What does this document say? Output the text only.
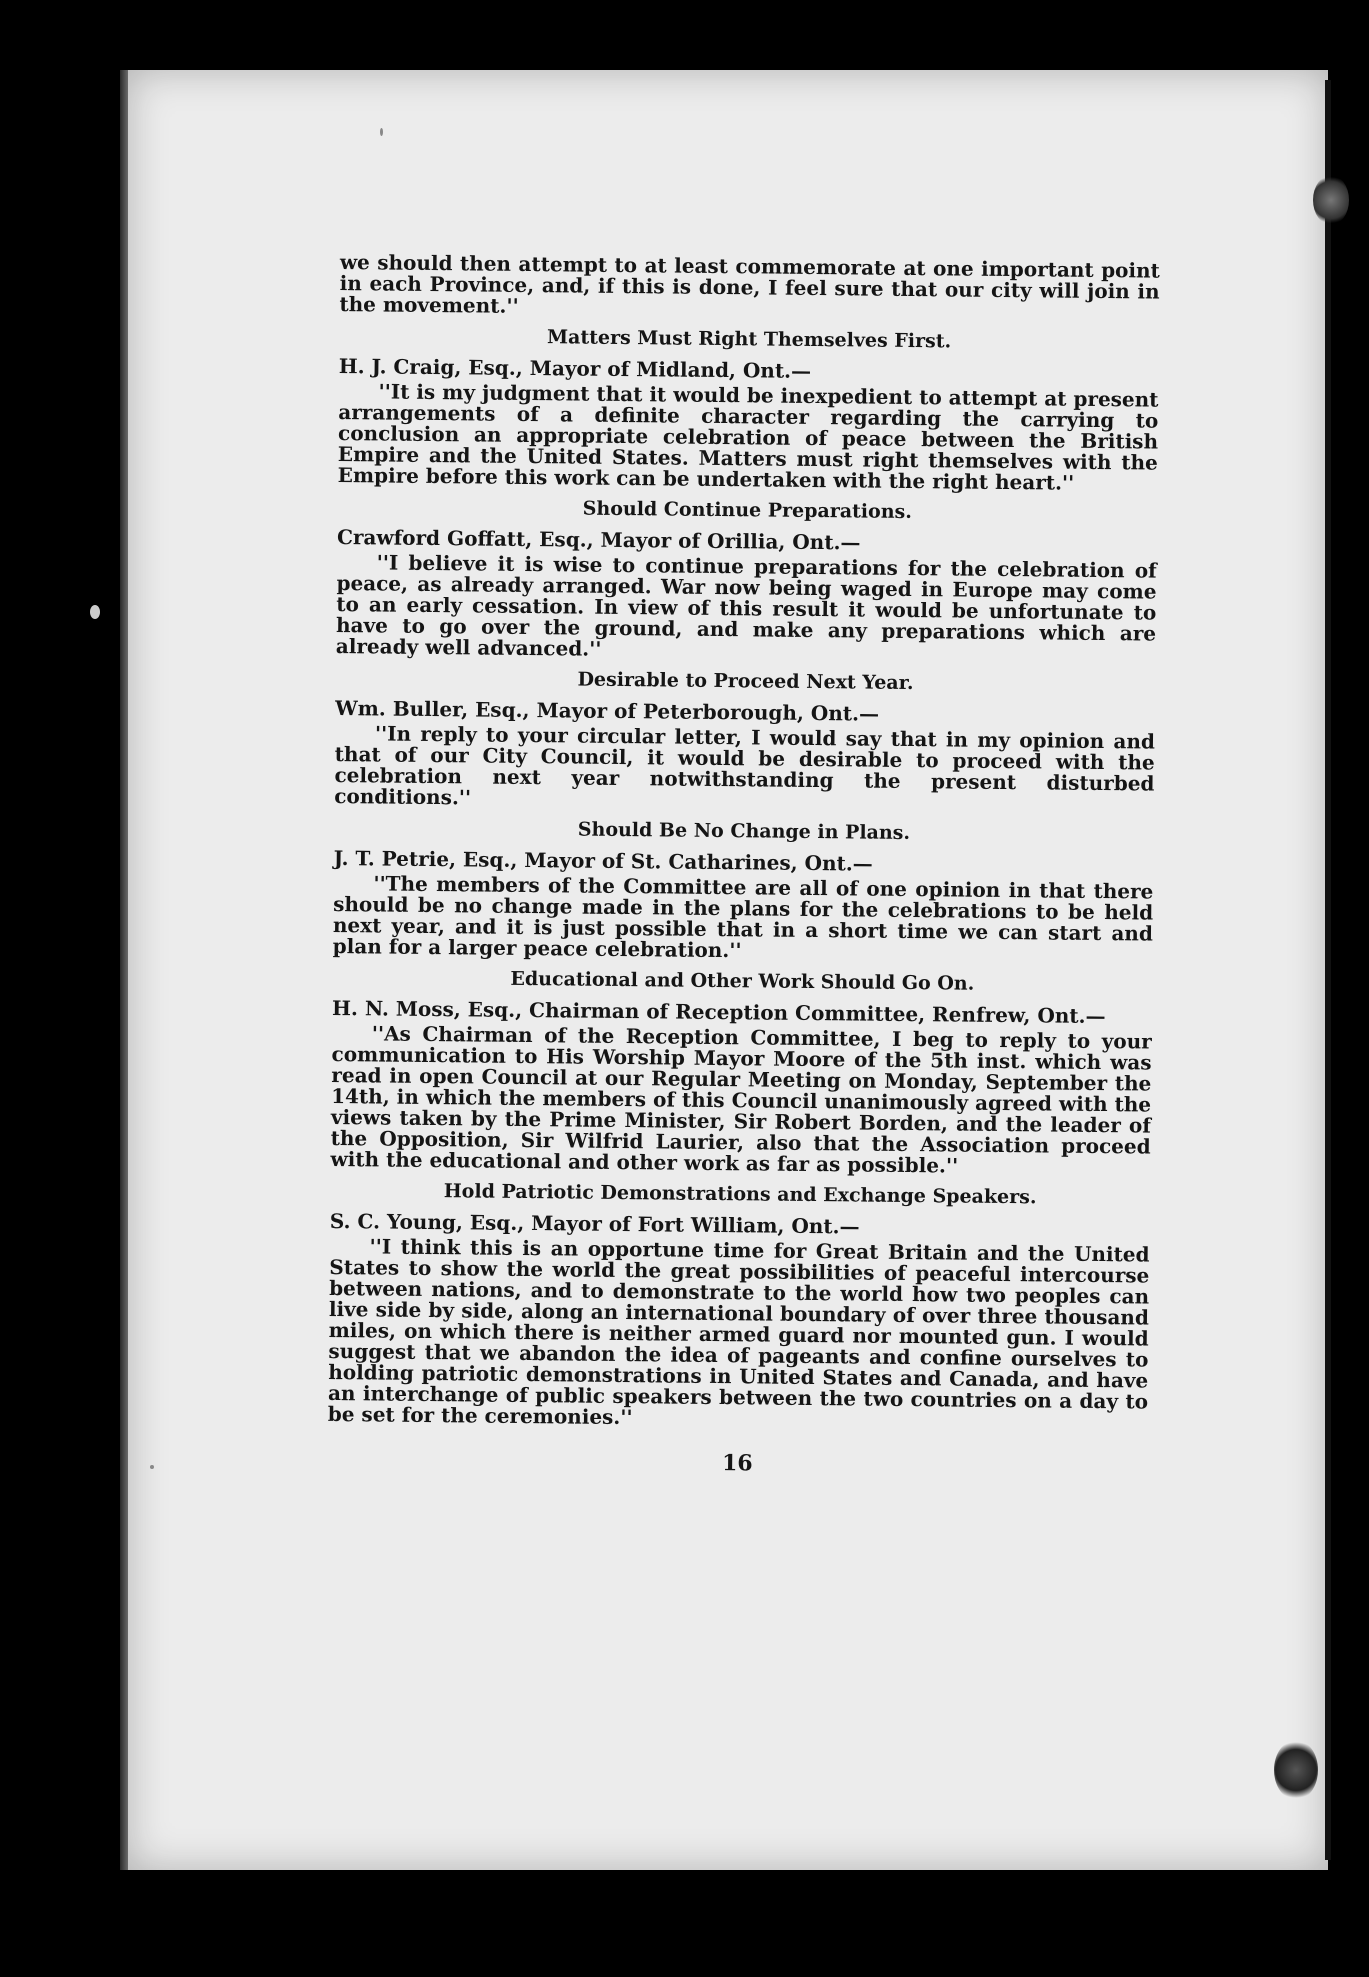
we should then attempt to at least commemorate at one important point in each Province, and, if this is done, I feel sure that our city will join in the movement.''

Matters Must Right Themselves First.

H. J. Craig, Esq., Mayor of Midland, Ont.—

''It is my judgment that it would be inexpedient to attempt at present arrangements of a definite character regarding the carrying to conclusion an appropriate celebration of peace between the British Empire and the United States. Matters must right themselves with the Empire before this work can be undertaken with the right heart.''

Should Continue Preparations.

Crawford Goffatt, Esq., Mayor of Orillia, Ont.—

''I believe it is wise to continue preparations for the celebration of peace, as already arranged. War now being waged in Europe may come to an early cessation. In view of this result it would be unfortunate to have to go over the ground, and make any preparations which are already well advanced.''

Desirable to Proceed Next Year.

Wm. Buller, Esq., Mayor of Peterborough, Ont.—

''In reply to your circular letter, I would say that in my opinion and that of our City Council, it would be desirable to proceed with the celebration next year notwithstanding the present disturbed conditions.''

Should Be No Change in Plans.

J. T. Petrie, Esq., Mayor of St. Catharines, Ont.—

''The members of the Committee are all of one opinion in that there should be no change made in the plans for the celebrations to be held next year, and it is just possible that in a short time we can start and plan for a larger peace celebration.''

Educational and Other Work Should Go On.

H. N. Moss, Esq., Chairman of Reception Committee, Renfrew, Ont.—

''As Chairman of the Reception Committee, I beg to reply to your communication to His Worship Mayor Moore of the 5th inst. which was read in open Council at our Regular Meeting on Monday, September the 14th, in which the members of this Council unanimously agreed with the views taken by the Prime Minister, Sir Robert Borden, and the leader of the Opposition, Sir Wilfrid Laurier, also that the Association proceed with the educational and other work as far as possible.''

Hold Patriotic Demonstrations and Exchange Speakers.

S. C. Young, Esq., Mayor of Fort William, Ont.—

''I think this is an opportune time for Great Britain and the United States to show the world the great possibilities of peaceful intercourse between nations, and to demonstrate to the world how two peoples can live side by side, along an international boundary of over three thousand miles, on which there is neither armed guard nor mounted gun. I would suggest that we abandon the idea of pageants and confine ourselves to holding patriotic demonstrations in United States and Canada, and have an interchange of public speakers between the two countries on a day to be set for the ceremonies.''

16
